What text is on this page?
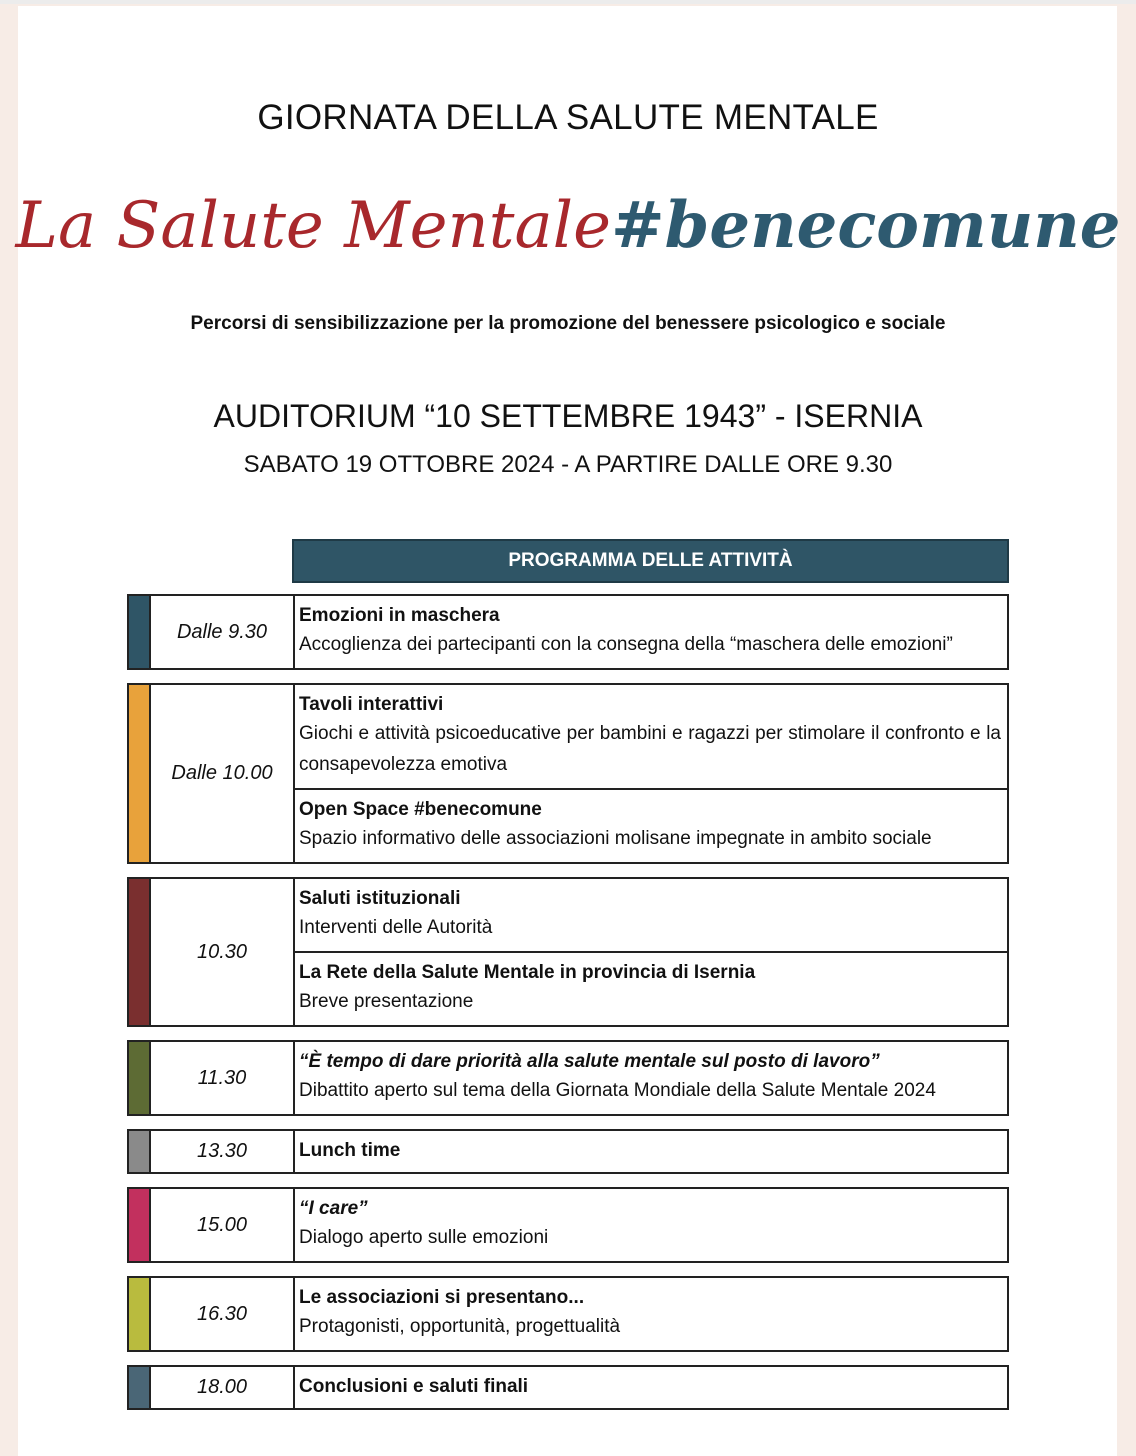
GIORNATA DELLA SALUTE MENTALE
La Salute Mentale#benecomune
Percorsi di sensibilizzazione per la promozione del benessere psicologico e sociale
AUDITORIUM “10 SETTEMBRE 1943” - ISERNIA
SABATO 19 OTTOBRE 2024 - A PARTIRE DALLE ORE 9.30
PROGRAMMA DELLE ATTIVITÀ
Dalle 9.30
Emozioni in maschera
Accoglienza dei partecipanti con la consegna della “maschera delle emozioni”
Dalle 10.00
Tavoli interattivi
Giochi e attività psicoeducative per bambini e ragazzi per stimolare il confronto e la consapevolezza emotiva
Open Space #benecomune
Spazio informativo delle associazioni molisane impegnate in ambito sociale
10.30
Saluti istituzionali
Interventi delle Autorità
La Rete della Salute Mentale in provincia di Isernia
Breve presentazione
11.30
“È tempo di dare priorità alla salute mentale sul posto di lavoro”
Dibattito aperto sul tema della Giornata Mondiale della Salute Mentale 2024
13.30	Lunch time
15.00
“I care”
Dialogo aperto sulle emozioni
16.30
Le associazioni si presentano...
Protagonisti, opportunità, progettualità
18.00	Conclusioni e saluti finali
